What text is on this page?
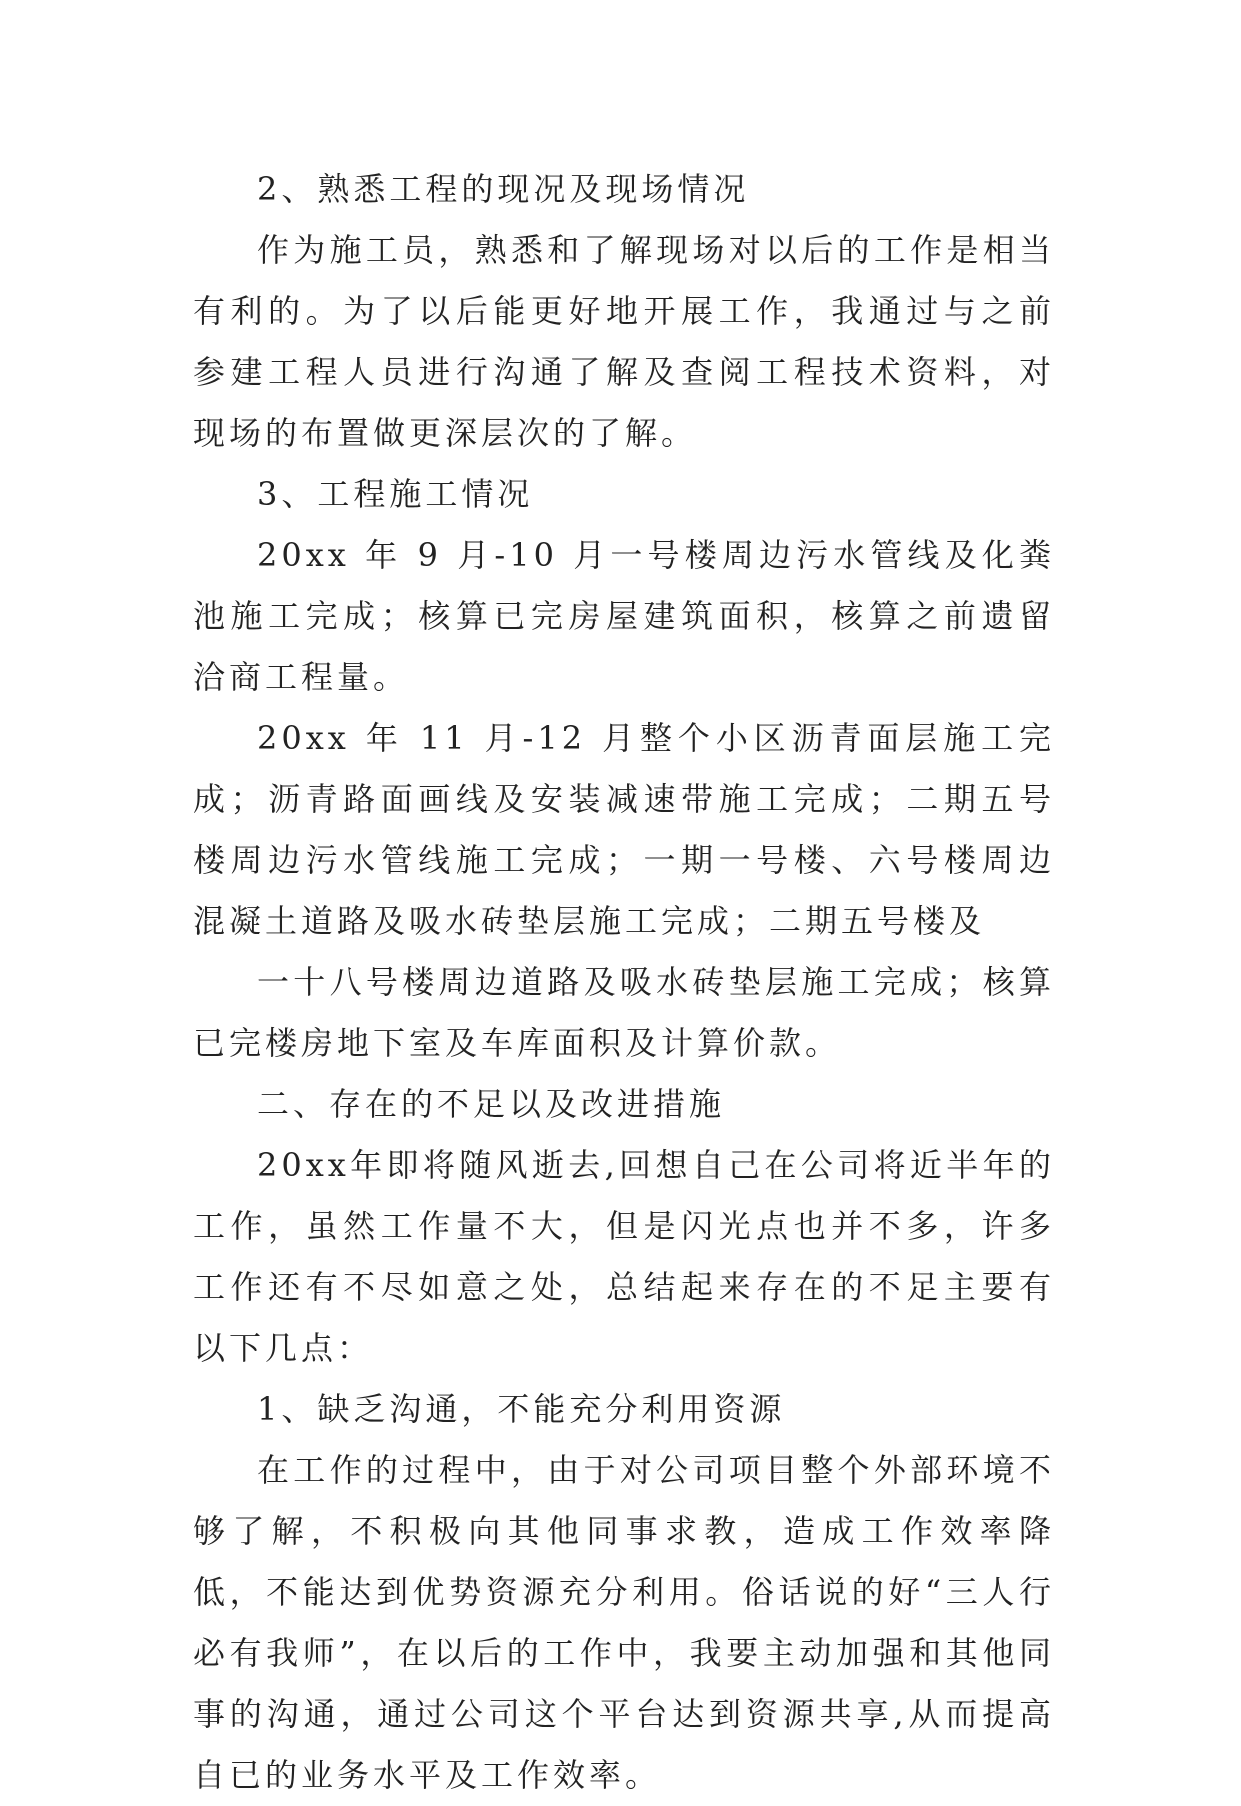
2、熟悉工程的现况及现场情况

作为施工员，熟悉和了解现场对以后的工作是相当有利的。为了以后能更好地开展工作，我通过与之前参建工程人员进行沟通了解及查阅工程技术资料，对现场的布置做更深层次的了解。

3、工程施工情况

20xx 年 9 月-10 月一号楼周边污水管线及化粪池施工完成；核算已完房屋建筑面积，核算之前遗留洽商工程量。

20xx 年 11 月-12 月整个小区沥青面层施工完成；沥青路面画线及安装减速带施工完成；二期五号楼周边污水管线施工完成；一期一号楼、六号楼周边混凝土道路及吸水砖垫层施工完成；二期五号楼及

一十八号楼周边道路及吸水砖垫层施工完成；核算已完楼房地下室及车库面积及计算价款。

二、存在的不足以及改进措施

20xx年即将随风逝去,回想自己在公司将近半年的工作，虽然工作量不大，但是闪光点也并不多，许多工作还有不尽如意之处，总结起来存在的不足主要有以下几点：

1、缺乏沟通，不能充分利用资源

在工作的过程中，由于对公司项目整个外部环境不够了解，不积极向其他同事求教，造成工作效率降低，不能达到优势资源充分利用。俗话说的好“三人行必有我师”，在以后的工作中，我要主动加强和其他同事的沟通，通过公司这个平台达到资源共享,从而提高自已的业务水平及工作效率。
